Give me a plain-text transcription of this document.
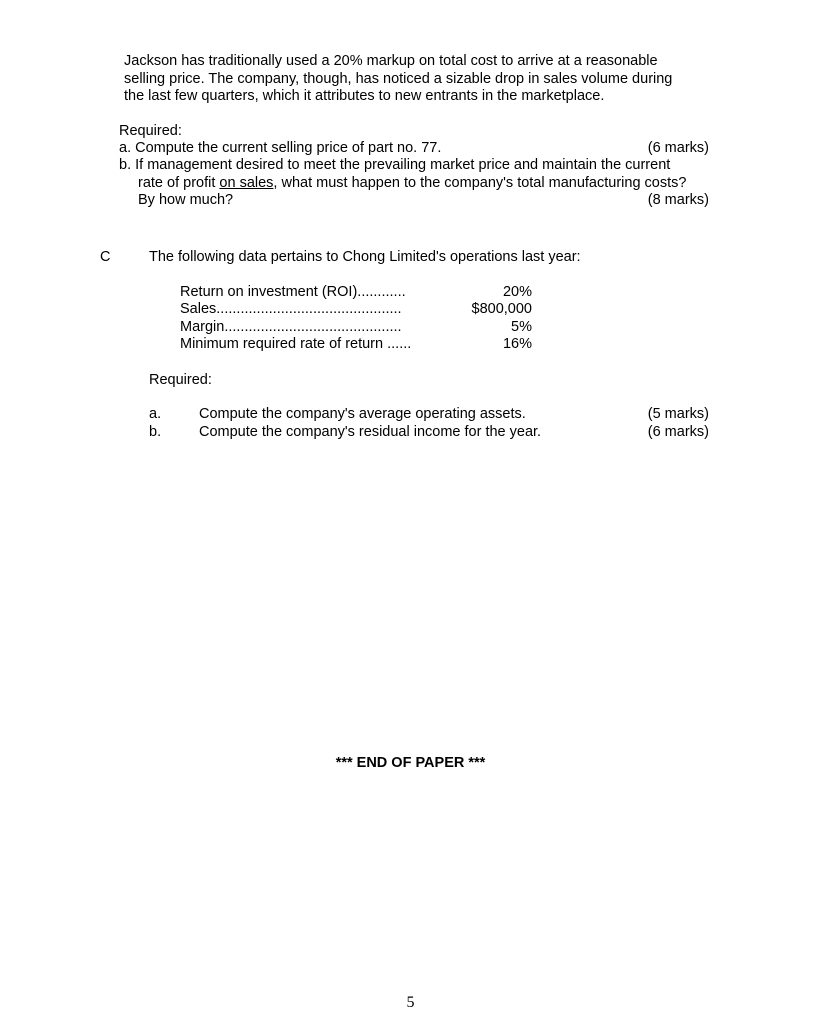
Jackson has traditionally used a 20% markup on total cost to arrive at a reasonable
selling price. The company, though, has noticed a sizable drop in sales volume during
the last few quarters, which it attributes to new entrants in the marketplace.
Required:
a. Compute the current selling price of part no. 77.	(6 marks)
b. If management desired to meet the prevailing market price and maintain the current
rate of profit on sales, what must happen to the company's total manufacturing costs?
By how much?	(8 marks)
C	The following data pertains to Chong Limited's operations last year:
Return on investment (ROI)............	20%
Sales..............................................	$800,000
Margin............................................	5%
Minimum required rate of return ......	16%
Required:
a.	Compute the company's average operating assets.	(5 marks)
b.	Compute the company's residual income for the year.	(6 marks)
*** END OF PAPER ***
5
